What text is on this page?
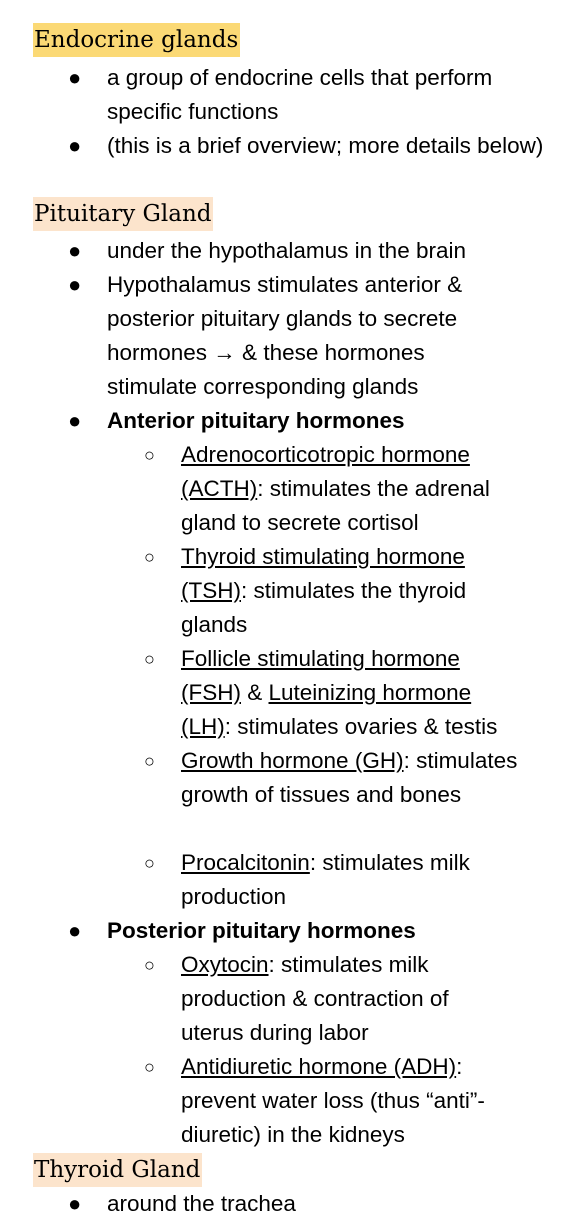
Endocrine glands
● a group of endocrine cells that perform specific functions
● (this is a brief overview; more details below)
Pituitary Gland
● under the hypothalamus in the brain
● Hypothalamus stimulates anterior & posterior pituitary glands to secrete hormones → & these hormones stimulate corresponding glands
● Anterior pituitary hormones
○ Adrenocorticotropic hormone (ACTH): stimulates the adrenal gland to secrete cortisol
○ Thyroid stimulating hormone (TSH): stimulates the thyroid glands
○ Follicle stimulating hormone (FSH) & Luteinizing hormone (LH): stimulates ovaries & testis
○ Growth hormone (GH): stimulates growth of tissues and bones
○ Procalcitonin: stimulates milk production
● Posterior pituitary hormones
○ Oxytocin: stimulates milk production & contraction of uterus during labor
○ Antidiuretic hormone (ADH): prevent water loss (thus “anti”-diuretic) in the kidneys
Thyroid Gland
● around the trachea
